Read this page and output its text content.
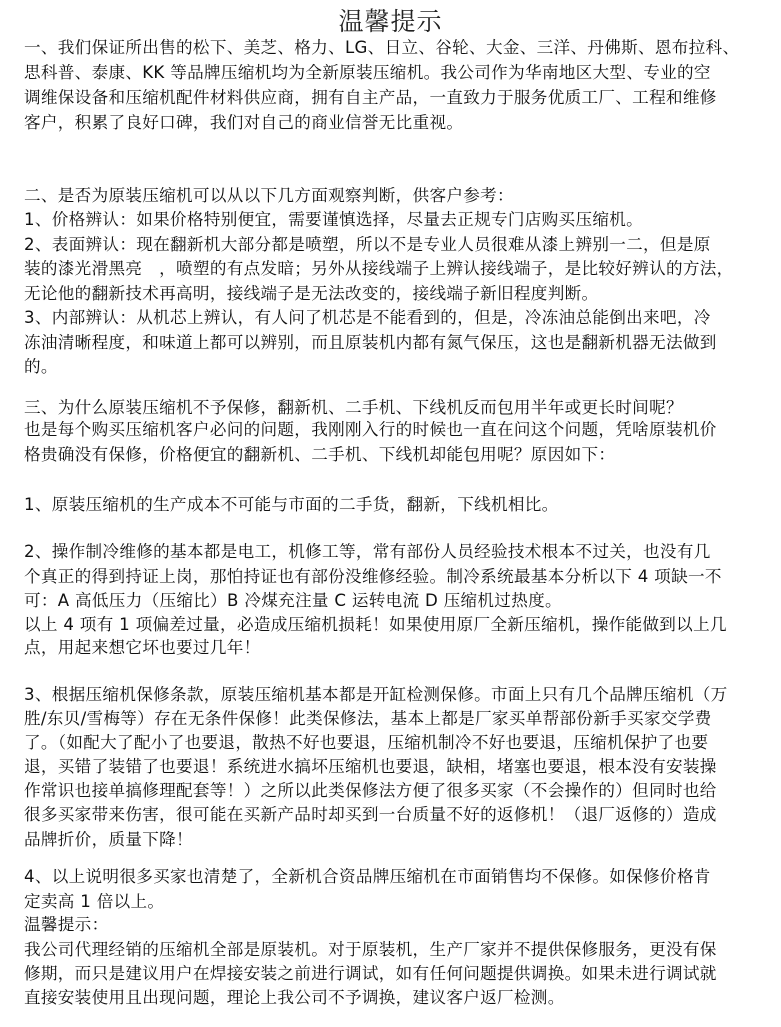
温馨提示
一、我们保证所出售的松下、美芝、格力、LG、日立、谷轮、大金、三洋、丹佛斯、恩布拉科、
思科普、泰康、KK 等品牌压缩机均为全新原装压缩机。我公司作为华南地区大型、专业的空
调维保设备和压缩机配件材料供应商，拥有自主产品，一直致力于服务优质工厂、工程和维修
客户，积累了良好口碑，我们对自己的商业信誉无比重视。
二、是否为原装压缩机可以从以下几方面观察判断，供客户参考：
1、价格辨认：如果价格特别便宜，需要谨慎选择，尽量去正规专门店购买压缩机。
2、表面辨认：现在翻新机大部分都是喷塑，所以不是专业人员很难从漆上辨别一二，但是原
装的漆光滑黑亮　，喷塑的有点发暗；另外从接线端子上辨认接线端子，是比较好辨认的方法，
无论他的翻新技术再高明，接线端子是无法改变的，接线端子新旧程度判断。
3、内部辨认：从机芯上辨认，有人问了机芯是不能看到的，但是，冷冻油总能倒出来吧，冷
冻油清晰程度，和味道上都可以辨别，而且原装机内都有氮气保压，这也是翻新机器无法做到
的。
三、为什么原装压缩机不予保修，翻新机、二手机、下线机反而包用半年或更长时间呢？
也是每个购买压缩机客户必问的问题，我刚刚入行的时候也一直在问这个问题，凭啥原装机价
格贵确没有保修，价格便宜的翻新机、二手机、下线机却能包用呢？原因如下：
1、原装压缩机的生产成本不可能与市面的二手货，翻新，下线机相比。
2、操作制冷维修的基本都是电工，机修工等，常有部份人员经验技术根本不过关，也没有几
个真正的得到持证上岗，那怕持证也有部份没维修经验。制冷系统最基本分析以下 4 项缺一不
可：A 高低压力（压缩比）B 冷煤充注量 C 运转电流 D 压缩机过热度。
以上 4 项有 1 项偏差过量，必造成压缩机损耗！如果使用原厂全新压缩机，操作能做到以上几
点，用起来想它坏也要过几年！
3、根据压缩机保修条款，原装压缩机基本都是开缸检测保修。市面上只有几个品牌压缩机（万
胜/东贝/雪梅等）存在无条件保修！此类保修法，基本上都是厂家买单帮部份新手买家交学费
了。（如配大了配小了也要退，散热不好也要退，压缩机制冷不好也要退，压缩机保护了也要
退，买错了装错了也要退！系统进水搞坏压缩机也要退，缺相，堵塞也要退，根本没有安装操
作常识也接单搞修理配套等！）之所以此类保修法方便了很多买家（不会操作的）但同时也给
很多买家带来伤害，很可能在买新产品时却买到一台质量不好的返修机！（退厂返修的）造成
品牌折价，质量下降！
4、以上说明很多买家也清楚了，全新机合资品牌压缩机在市面销售均不保修。如保修价格肯
定卖高 1 倍以上。
温馨提示：
我公司代理经销的压缩机全部是原装机。对于原装机，生产厂家并不提供保修服务，更没有保
修期，而只是建议用户在焊接安装之前进行调试，如有任何问题提供调换。如果未进行调试就
直接安装使用且出现问题，理论上我公司不予调换，建议客户返厂检测。
